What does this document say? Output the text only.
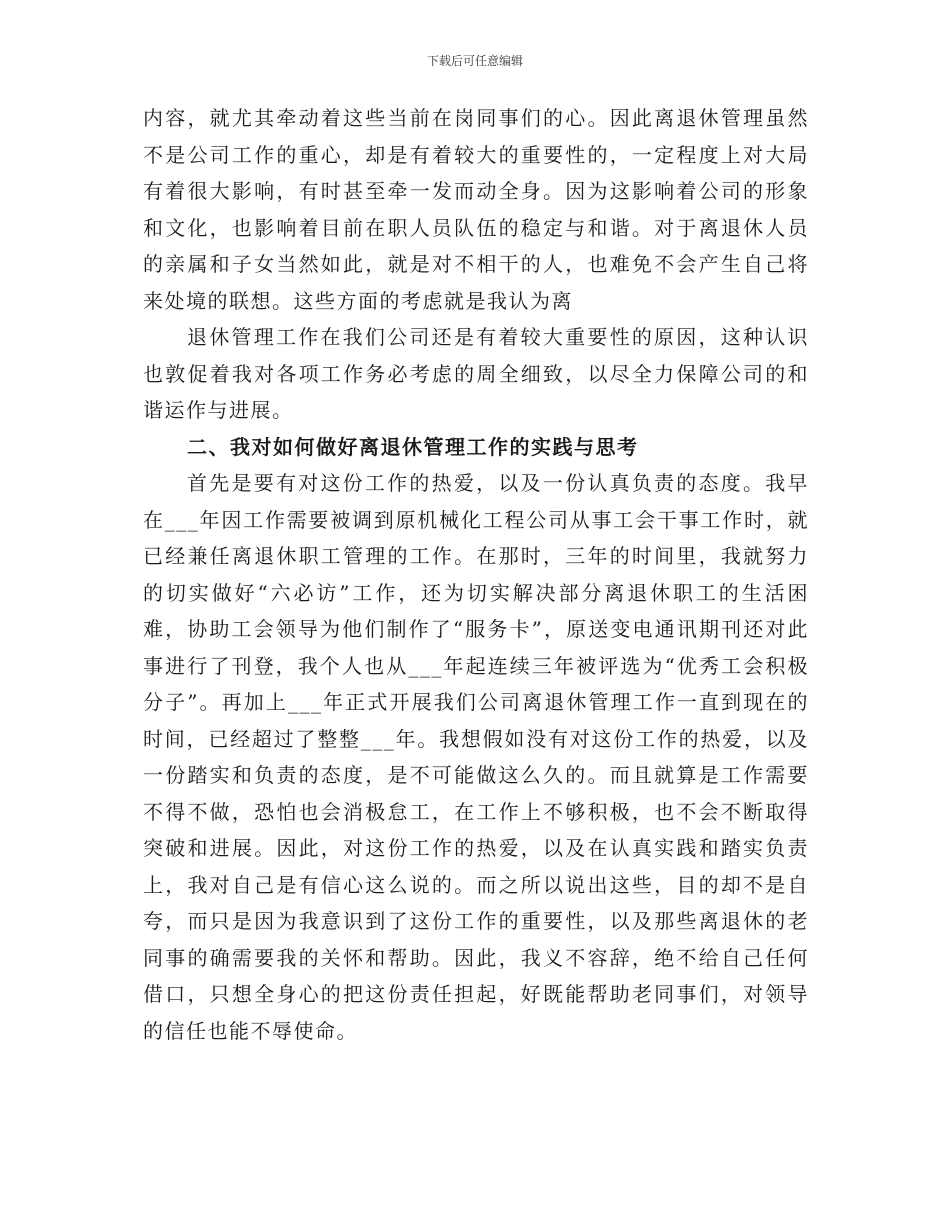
下载后可任意编辑

内容，就尤其牵动着这些当前在岗同事们的心。因此离退休管理虽然不是公司工作的重心，却是有着较大的重要性的，一定程度上对大局有着很大影响，有时甚至牵一发而动全身。因为这影响着公司的形象和文化，也影响着目前在职人员队伍的稳定与和谐。对于离退休人员的亲属和子女当然如此，就是对不相干的人，也难免不会产生自己将来处境的联想。这些方面的考虑就是我认为离

退休管理工作在我们公司还是有着较大重要性的原因，这种认识也敦促着我对各项工作务必考虑的周全细致，以尽全力保障公司的和谐运作与进展。

二、我对如何做好离退休管理工作的实践与思考

首先是要有对这份工作的热爱，以及一份认真负责的态度。我早在___年因工作需要被调到原机械化工程公司从事工会干事工作时，就已经兼任离退休职工管理的工作。在那时，三年的时间里，我就努力的切实做好“六必访”工作，还为切实解决部分离退休职工的生活困难，协助工会领导为他们制作了“服务卡”，原送变电通讯期刊还对此事进行了刊登，我个人也从___年起连续三年被评选为“优秀工会积极分子”。再加上___年正式开展我们公司离退休管理工作一直到现在的时间，已经超过了整整___年。我想假如没有对这份工作的热爱，以及一份踏实和负责的态度，是不可能做这么久的。而且就算是工作需要不得不做，恐怕也会消极怠工，在工作上不够积极，也不会不断取得突破和进展。因此，对这份工作的热爱，以及在认真实践和踏实负责上，我对自己是有信心这么说的。而之所以说出这些，目的却不是自夸，而只是因为我意识到了这份工作的重要性，以及那些离退休的老同事的确需要我的关怀和帮助。因此，我义不容辞，绝不给自己任何借口，只想全身心的把这份责任担起，好既能帮助老同事们，对领导的信任也能不辱使命。
